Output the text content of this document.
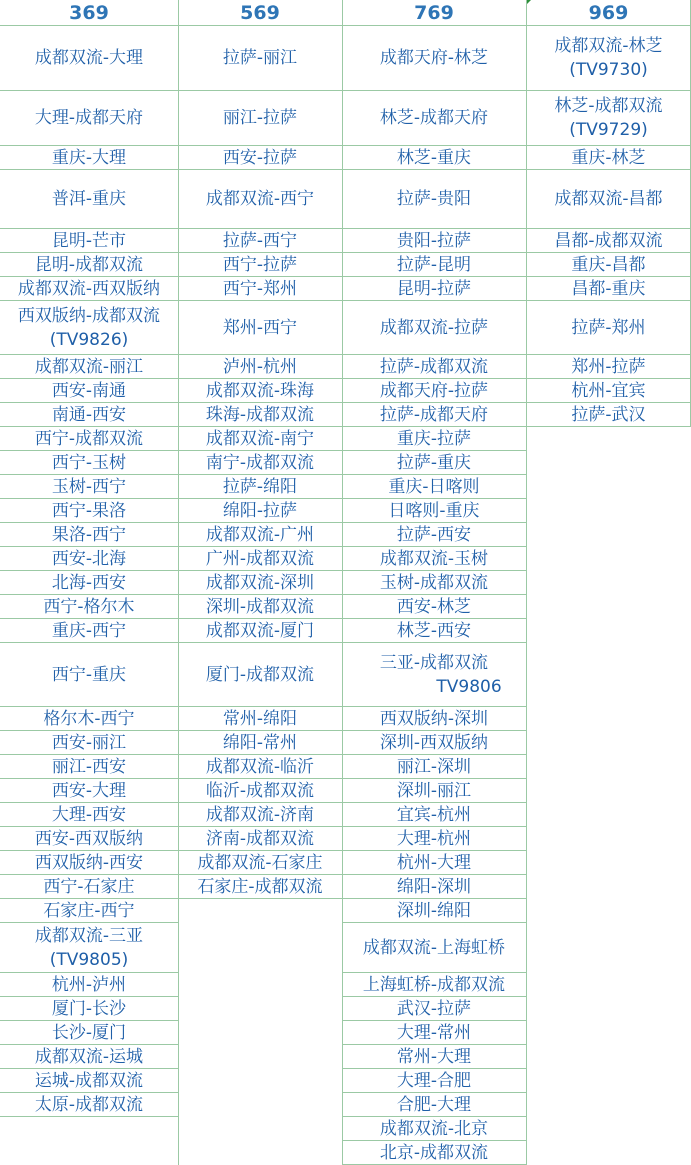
369
成都双流-大理
大理-成都天府
重庆-大理
普洱-重庆
昆明-芒市
昆明-成都双流
成都双流-西双版纳
西双版纳-成都双流
(TV9826)
成都双流-丽江
西安-南通
南通-西安
西宁-成都双流
西宁-玉树
玉树-西宁
西宁-果洛
果洛-西宁
西安-北海
北海-西安
西宁-格尔木
重庆-西宁
西宁-重庆
格尔木-西宁
西安-丽江
丽江-西安
西安-大理
大理-西安
西安-西双版纳
西双版纳-西安
西宁-石家庄
石家庄-西宁
成都双流-三亚
(TV9805)
杭州-泸州
厦门-长沙
长沙-厦门
成都双流-运城
运城-成都双流
太原-成都双流
569
拉萨-丽江
丽江-拉萨
西安-拉萨
成都双流-西宁
拉萨-西宁
西宁-拉萨
西宁-郑州
郑州-西宁
泸州-杭州
成都双流-珠海
珠海-成都双流
成都双流-南宁
南宁-成都双流
拉萨-绵阳
绵阳-拉萨
成都双流-广州
广州-成都双流
成都双流-深圳
深圳-成都双流
成都双流-厦门
厦门-成都双流
常州-绵阳
绵阳-常州
成都双流-临沂
临沂-成都双流
成都双流-济南
济南-成都双流
成都双流-石家庄
石家庄-成都双流
769
成都天府-林芝
林芝-成都天府
林芝-重庆
拉萨-贵阳
贵阳-拉萨
拉萨-昆明
昆明-拉萨
成都双流-拉萨
拉萨-成都双流
成都天府-拉萨
拉萨-成都天府
重庆-拉萨
拉萨-重庆
重庆-日喀则
日喀则-重庆
拉萨-西安
成都双流-玉树
玉树-成都双流
西安-林芝
林芝-西安
三亚-成都双流
TV9806
西双版纳-深圳
深圳-西双版纳
丽江-深圳
深圳-丽江
宜宾-杭州
大理-杭州
杭州-大理
绵阳-深圳
深圳-绵阳
成都双流-上海虹桥
上海虹桥-成都双流
武汉-拉萨
大理-常州
常州-大理
大理-合肥
合肥-大理
成都双流-北京
北京-成都双流
969
成都双流-林芝
(TV9730)
林芝-成都双流
(TV9729)
重庆-林芝
成都双流-昌都
昌都-成都双流
重庆-昌都
昌都-重庆
拉萨-郑州
郑州-拉萨
杭州-宜宾
拉萨-武汉
